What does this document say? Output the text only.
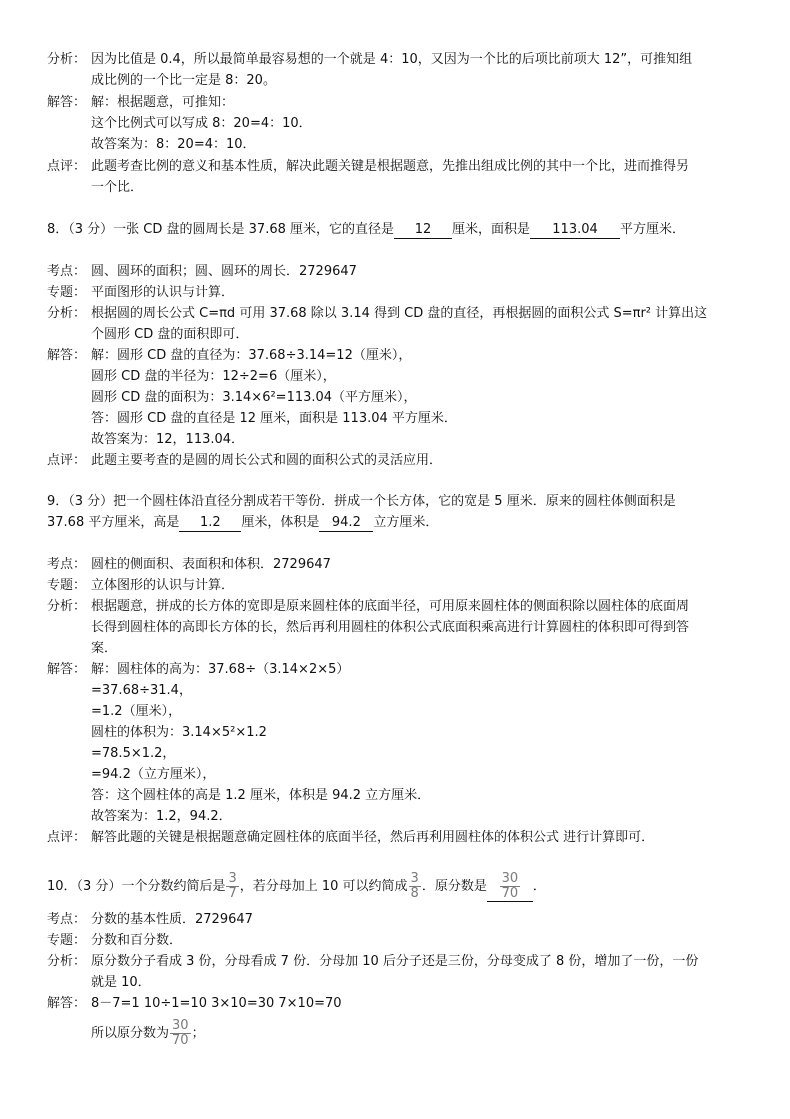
分析： 因为比值是 0.4，所以最简单最容易想的一个就是 4：10，又因为一个比的后项比前项大 12”，可推知组
成比例的一个比一定是 8：20。
解答： 解：根据题意，可推知：
这个比例式可以写成 8：20=4：10．
故答案为：8：20=4：10．
点评： 此题考查比例的意义和基本性质，解决此题关键是根据题意，先推出组成比例的其中一个比，进而推得另
一个比．
8．（3 分）一张 CD 盘的圆周长是 37.68 厘米，它的直径是 12 厘米，面积是 113.04 平方厘米．
考点： 圆、圆环的面积；圆、圆环的周长．2729647
专题： 平面图形的认识与计算．
分析： 根据圆的周长公式 C=πd 可用 37.68 除以 3.14 得到 CD 盘的直径，再根据圆的面积公式 S=πr² 计算出这
个圆形 CD 盘的面积即可．
解答： 解：圆形 CD 盘的直径为：37.68÷3.14=12（厘米），
圆形 CD 盘的半径为：12÷2=6（厘米），
圆形 CD 盘的面积为：3.14×6²=113.04（平方厘米），
答：圆形 CD 盘的直径是 12 厘米，面积是 113.04 平方厘米．
故答案为：12，113.04．
点评： 此题主要考查的是圆的周长公式和圆的面积公式的灵活应用．
9．（3 分）把一个圆柱体沿直径分割成若干等份．拼成一个长方体，它的宽是 5 厘米．原来的圆柱体侧面积是
37.68 平方厘米，高是 1.2 厘米，体积是 94.2 立方厘米．
考点： 圆柱的侧面积、表面积和体积．2729647
专题： 立体图形的认识与计算．
分析： 根据题意，拼成的长方体的宽即是原来圆柱体的底面半径，可用原来圆柱体的侧面积除以圆柱体的底面周
长得到圆柱体的高即长方体的长，然后再利用圆柱的体积公式底面积乘高进行计算圆柱的体积即可得到答
案．
解答： 解：圆柱体的高为：37.68÷（3.14×2×5）
=37.68÷31.4，
=1.2（厘米），
圆柱的体积为：3.14×5²×1.2
=78.5×1.2，
=94.2（立方厘米），
答：这个圆柱体的高是 1.2 厘米，体积是 94.2 立方厘米．
故答案为：1.2，94.2．
点评： 解答此题的关键是根据题意确定圆柱体的底面半径，然后再利用圆柱体的体积公式 进行计算即可．
10．（3 分）一个分数约简后是 $\frac{3}{7}$ ，若分母加上 10 可以约简成 $\frac{3}{8}$ ．原分数是 $\frac{30}{70}$ ．
考点： 分数的基本性质．2729647
专题： 分数和百分数．
分析： 原分数分子看成 3 份，分母看成 7 份．分母加 10 后分子还是三份，分母变成了 8 份，增加了一份，一份
就是 10．
解答： 8－7=1 10÷1=10 3×10=30 7×10=70
所以原分数为 $\frac{30}{70}$ ；
